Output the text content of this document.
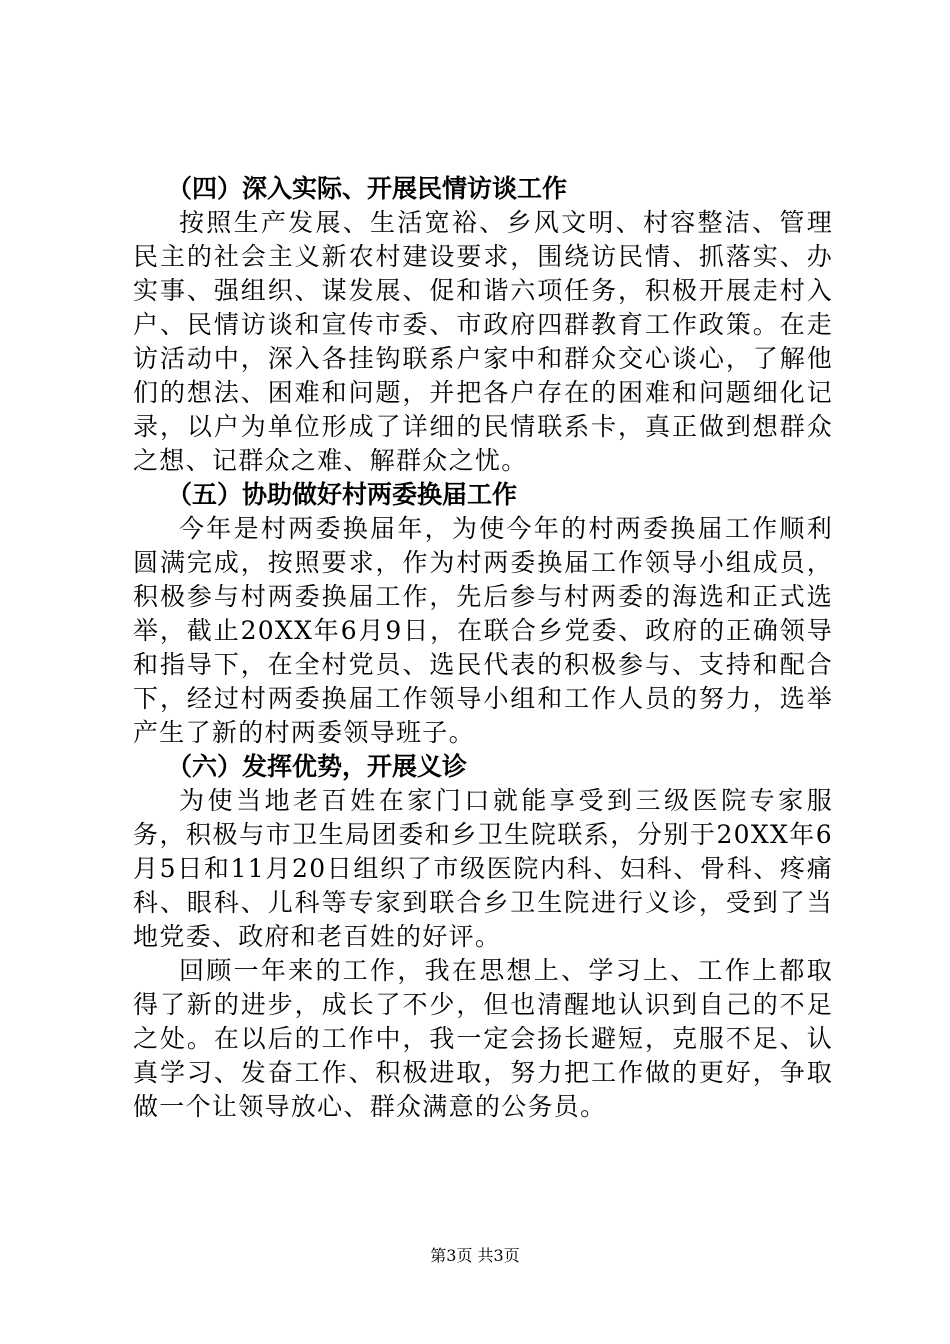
（四）深入实际、开展民情访谈工作

按照生产发展、生活宽裕、乡风文明、村容整洁、管理民主的社会主义新农村建设要求，围绕访民情、抓落实、办实事、强组织、谋发展、促和谐六项任务，积极开展走村入户、民情访谈和宣传市委、市政府四群教育工作政策。在走访活动中，深入各挂钩联系户家中和群众交心谈心，了解他们的想法、困难和问题，并把各户存在的困难和问题细化记录，以户为单位形成了详细的民情联系卡，真正做到想群众之想、记群众之难、解群众之忧。

（五）协助做好村两委换届工作

今年是村两委换届年，为使今年的村两委换届工作顺利圆满完成，按照要求，作为村两委换届工作领导小组成员，积极参与村两委换届工作，先后参与村两委的海选和正式选举，截止20XX年6月9日，在联合乡党委、政府的正确领导和指导下，在全村党员、选民代表的积极参与、支持和配合下，经过村两委换届工作领导小组和工作人员的努力，选举产生了新的村两委领导班子。

（六）发挥优势，开展义诊

为使当地老百姓在家门口就能享受到三级医院专家服务，积极与市卫生局团委和乡卫生院联系，分别于20XX年6月5日和11月20日组织了市级医院内科、妇科、骨科、疼痛科、眼科、儿科等专家到联合乡卫生院进行义诊，受到了当地党委、政府和老百姓的好评。

回顾一年来的工作，我在思想上、学习上、工作上都取得了新的进步，成长了不少，但也清醒地认识到自己的不足之处。在以后的工作中，我一定会扬长避短，克服不足、认真学习、发奋工作、积极进取，努力把工作做的更好，争取做一个让领导放心、群众满意的公务员。

第3页 共3页
